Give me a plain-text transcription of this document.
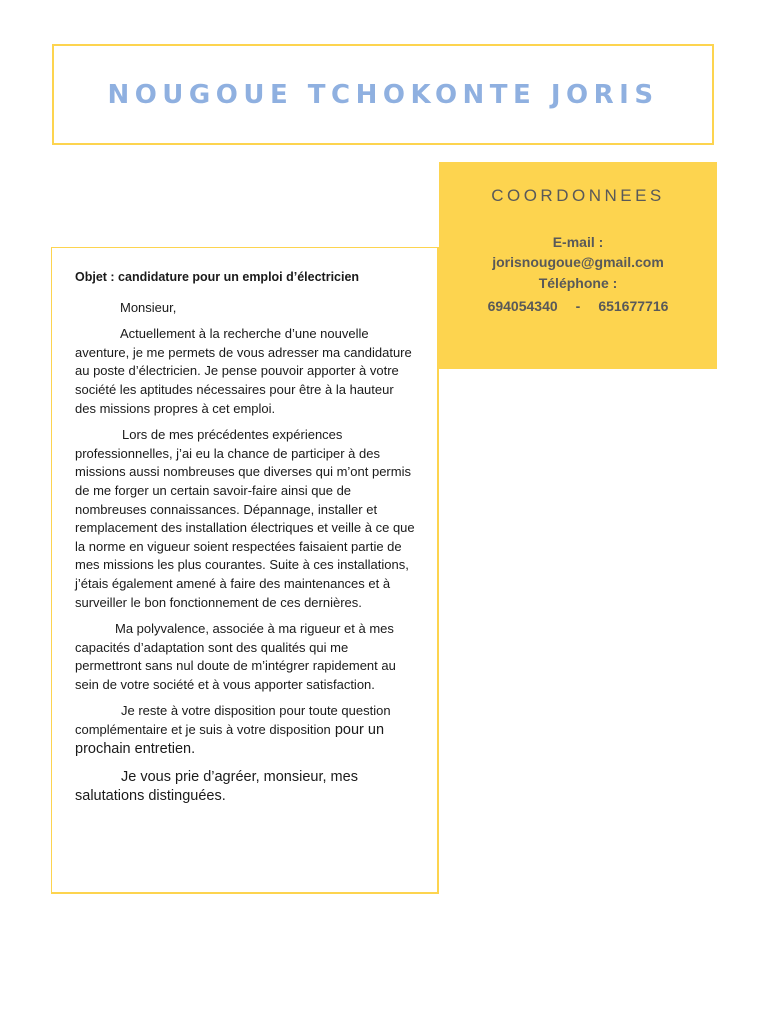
NOUGOUE TCHOKONTE JORIS
COORDONNEES
E-mail :
jorisnougoue@gmail.com
Téléphone :
694054340 - 651677716

Objet : candidature pour un emploi d’électricien

Monsieur,

Actuellement à la recherche d’une nouvelle aventure, je me permets de vous adresser ma candidature au poste d’électricien. Je pense pouvoir apporter à votre société les aptitudes nécessaires pour être à la hauteur des missions propres à cet emploi.

Lors de mes précédentes expériences professionnelles, j’ai eu la chance de participer à des missions aussi nombreuses que diverses qui m’ont permis de me forger un certain savoir-faire ainsi que de nombreuses connaissances. Dépannage, installer et remplacement des installation électriques et veille à ce que la norme en vigueur soient respectées faisaient partie de mes missions les plus courantes. Suite à ces installations, j’étais également amené à faire des maintenances et à surveiller le bon fonctionnement de ces dernières.

Ma polyvalence, associée à ma rigueur et à mes capacités d’adaptation sont des qualités qui me permettront sans nul doute de m’intégrer rapidement au sein de votre société et à vous apporter satisfaction.

Je reste à votre disposition pour toute question complémentaire et je suis à votre disposition pour un prochain entretien.

Je vous prie d’agréer, monsieur, mes salutations distinguées.
